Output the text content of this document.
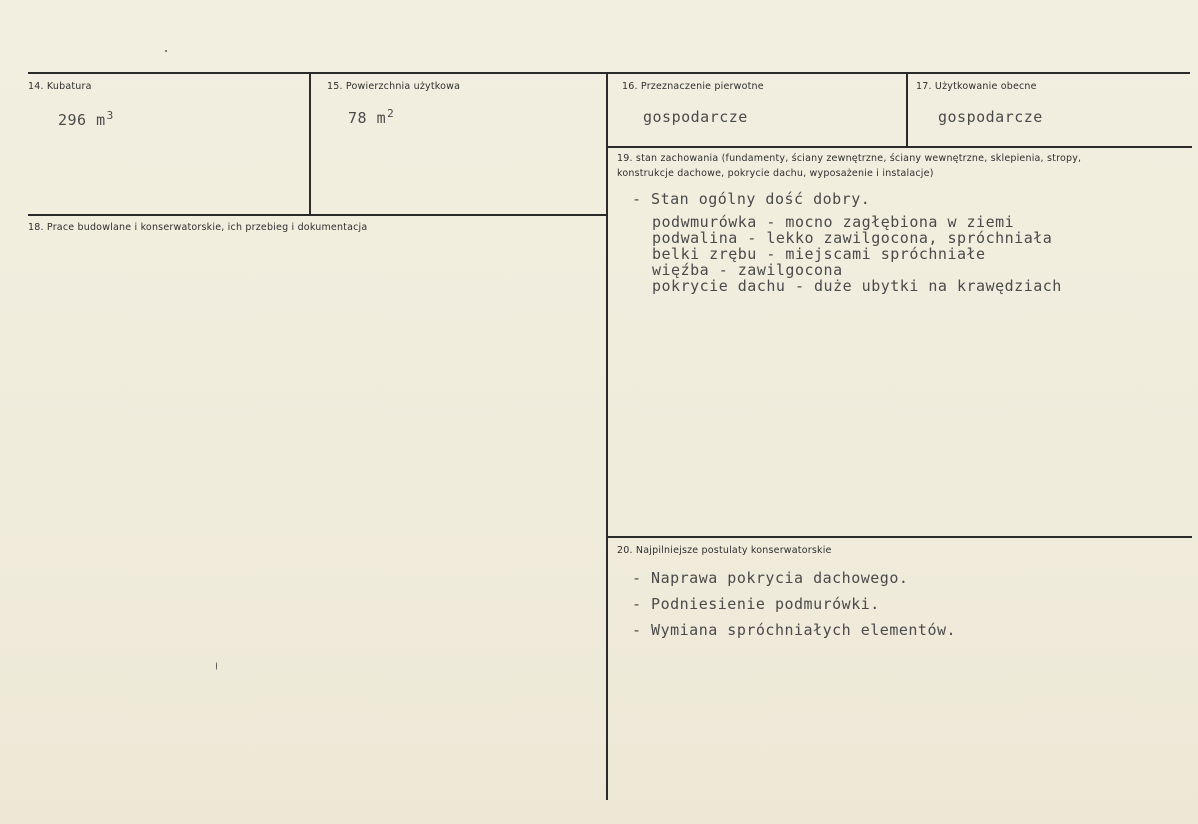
14. Kubatura
296 $m^3$
15. Powierzchnia użytkowa
78 $m^2$
16. Przeznaczenie pierwotne
gospodarcze
17. Użytkowanie obecne
gospodarcze
18. Prace budowlane i konserwatorskie, ich przebieg i dokumentacja
19. stan zachowania (fundamenty, ściany zewnętrzne, ściany wewnętrzne, sklepienia, stropy, konstrukcje dachowe, pokrycie dachu, wyposażenie i instalacje)
- Stan ogólny dość dobry.
podwmurówka - mocno zagłębiona w ziemi
podwalina - lekko zawilgocona, spróchniała
belki zrębu - miejscami spróchniałe
więźba - zawilgocona
pokrycie dachu - duże ubytki na krawędziach
20. Najpilniejsze postulaty konserwatorskie
- Naprawa pokrycia dachowego.
- Podniesienie podmurówki.
- Wymiana spróchniałych elementów.
